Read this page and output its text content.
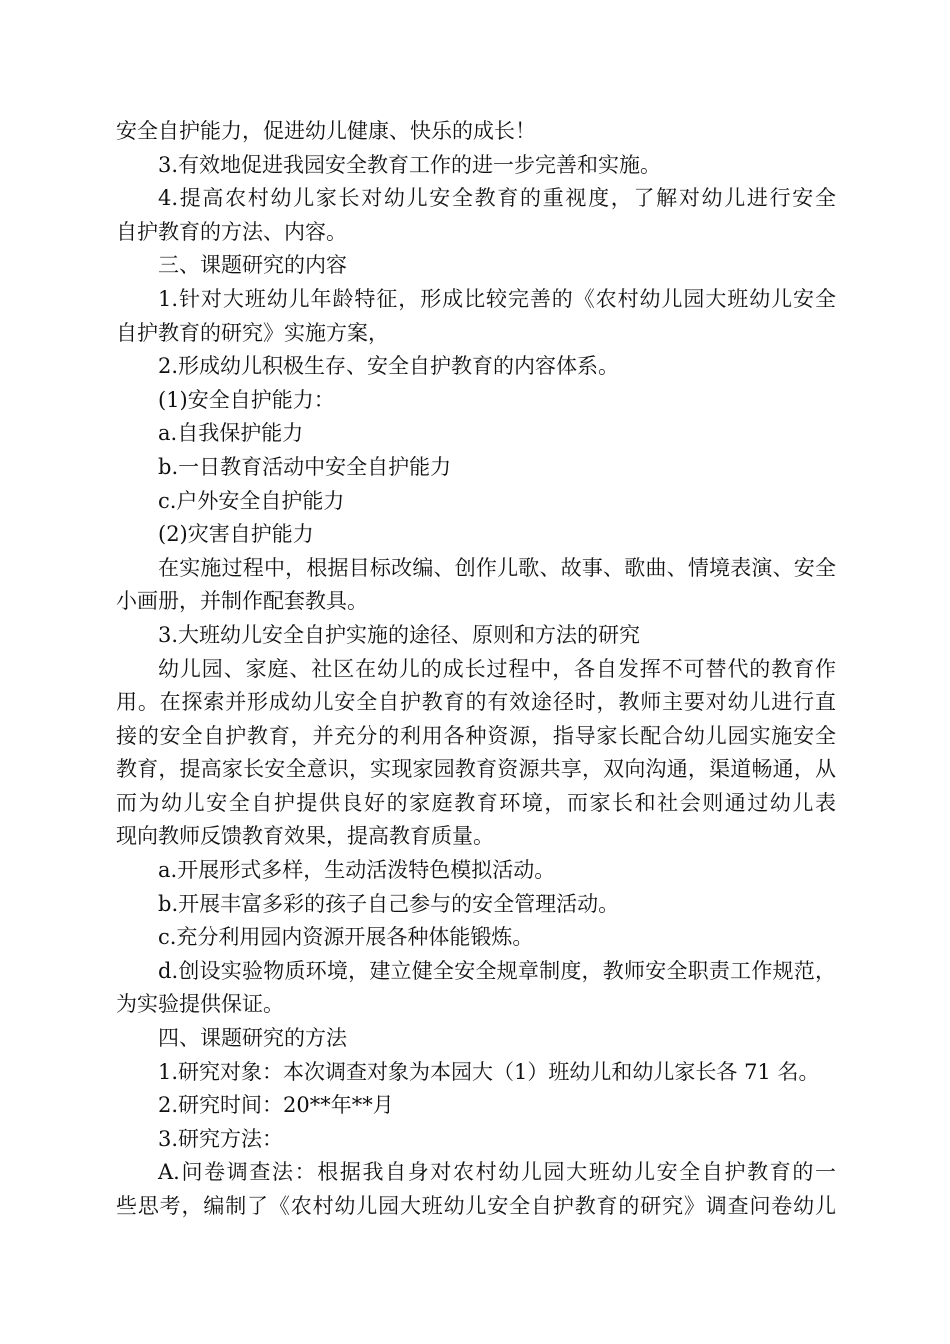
安全自护能力，促进幼儿健康、快乐的成长！
3.有效地促进我园安全教育工作的进一步完善和实施。
4.提高农村幼儿家长对幼儿安全教育的重视度，了解对幼儿进行安全
自护教育的方法、内容。
三、课题研究的内容
1.针对大班幼儿年龄特征，形成比较完善的《农村幼儿园大班幼儿安全
自护教育的研究》实施方案，
2.形成幼儿积极生存、安全自护教育的内容体系。
(1)安全自护能力：
a.自我保护能力
b.一日教育活动中安全自护能力
c.户外安全自护能力
(2)灾害自护能力
在实施过程中，根据目标改编、创作儿歌、故事、歌曲、情境表演、安全
小画册，并制作配套教具。
3.大班幼儿安全自护实施的途径、原则和方法的研究
幼儿园、家庭、社区在幼儿的成长过程中，各自发挥不可替代的教育作
用。在探索并形成幼儿安全自护教育的有效途径时，教师主要对幼儿进行直
接的安全自护教育，并充分的利用各种资源，指导家长配合幼儿园实施安全
教育，提高家长安全意识，实现家园教育资源共享，双向沟通，渠道畅通，从
而为幼儿安全自护提供良好的家庭教育环境，而家长和社会则通过幼儿表
现向教师反馈教育效果，提高教育质量。
a.开展形式多样，生动活泼特色模拟活动。
b.开展丰富多彩的孩子自己参与的安全管理活动。
c.充分利用园内资源开展各种体能锻炼。
d.创设实验物质环境，建立健全安全规章制度，教师安全职责工作规范，
为实验提供保证。
四、课题研究的方法
1.研究对象：本次调查对象为本园大（1）班幼儿和幼儿家长各 71 名。
2.研究时间：20**年**月
3.研究方法：
A.问卷调查法：根据我自身对农村幼儿园大班幼儿安全自护教育的一
些思考，编制了《农村幼儿园大班幼儿安全自护教育的研究》调查问卷幼儿
